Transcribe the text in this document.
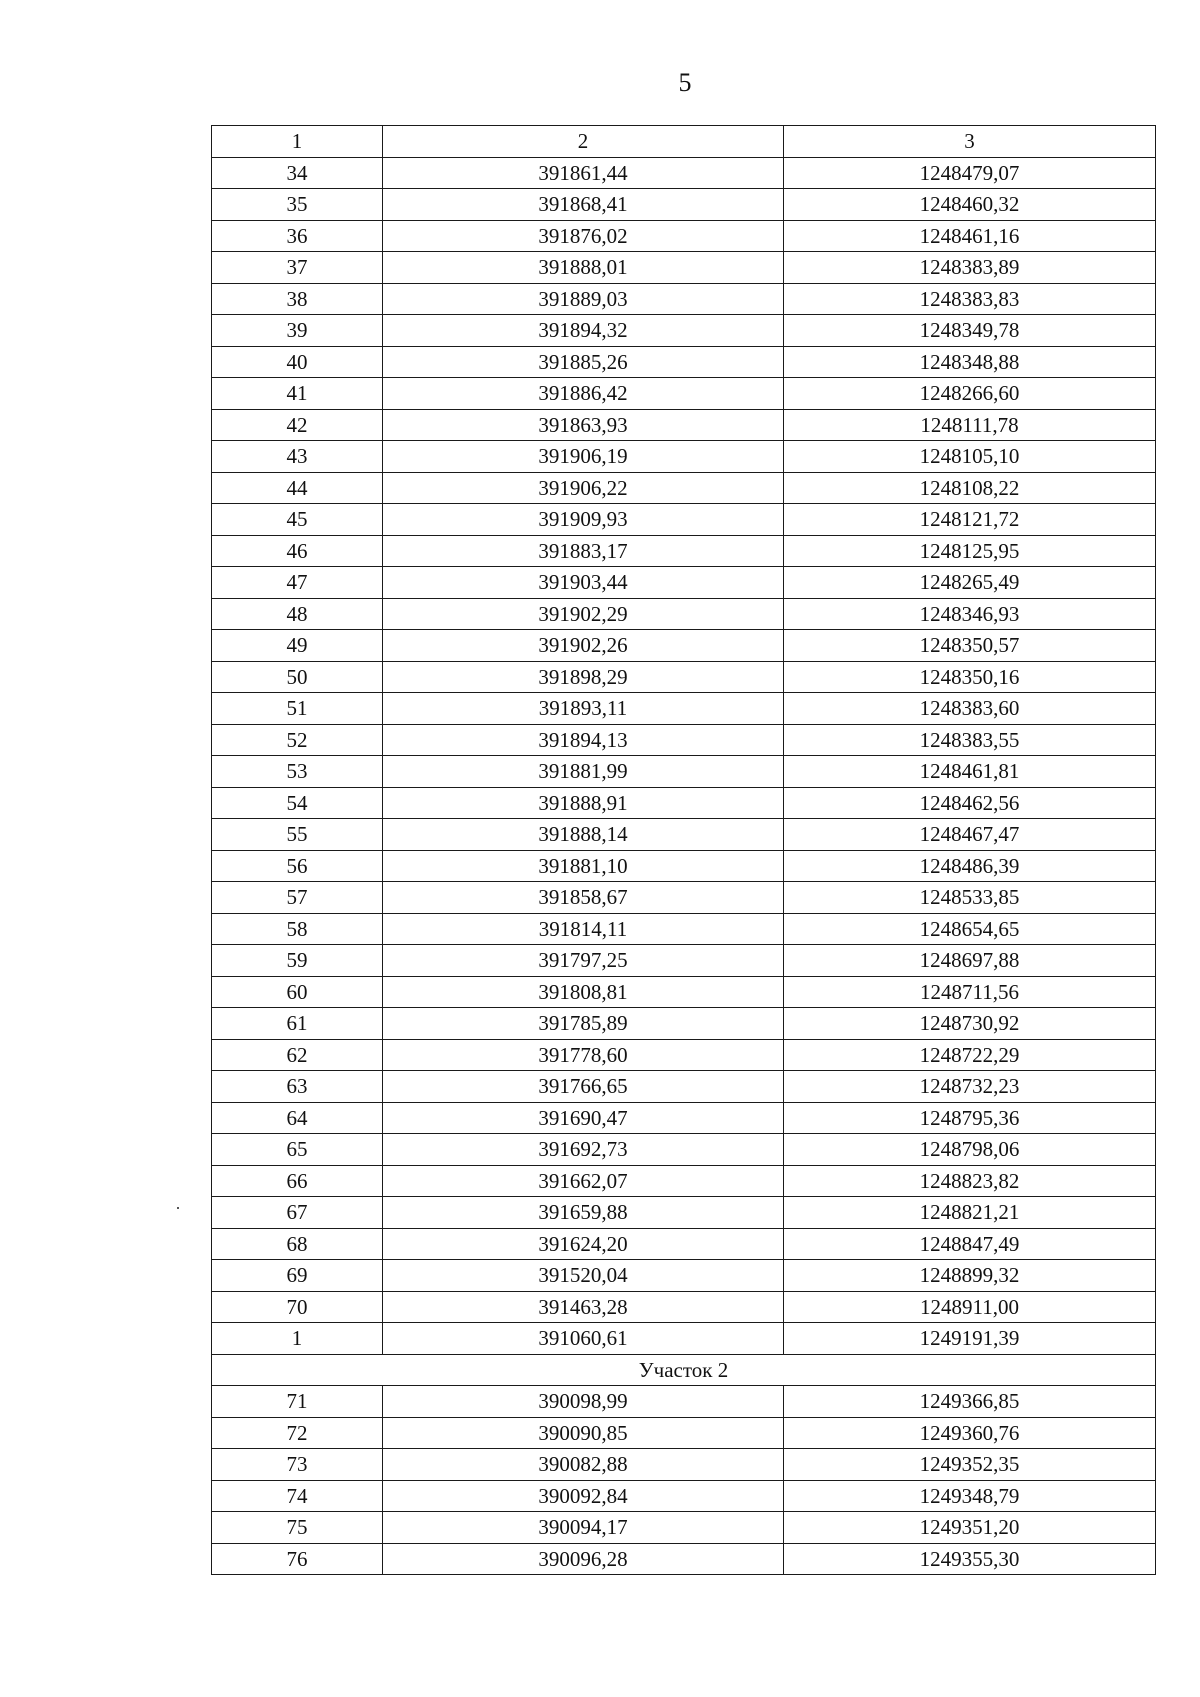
5
1	2	3
34	391861,44	1248479,07
35	391868,41	1248460,32
36	391876,02	1248461,16
37	391888,01	1248383,89
38	391889,03	1248383,83
39	391894,32	1248349,78
40	391885,26	1248348,88
41	391886,42	1248266,60
42	391863,93	1248111,78
43	391906,19	1248105,10
44	391906,22	1248108,22
45	391909,93	1248121,72
46	391883,17	1248125,95
47	391903,44	1248265,49
48	391902,29	1248346,93
49	391902,26	1248350,57
50	391898,29	1248350,16
51	391893,11	1248383,60
52	391894,13	1248383,55
53	391881,99	1248461,81
54	391888,91	1248462,56
55	391888,14	1248467,47
56	391881,10	1248486,39
57	391858,67	1248533,85
58	391814,11	1248654,65
59	391797,25	1248697,88
60	391808,81	1248711,56
61	391785,89	1248730,92
62	391778,60	1248722,29
63	391766,65	1248732,23
64	391690,47	1248795,36
65	391692,73	1248798,06
66	391662,07	1248823,82
67	391659,88	1248821,21
68	391624,20	1248847,49
69	391520,04	1248899,32
70	391463,28	1248911,00
1	391060,61	1249191,39
Участок 2		
71	390098,99	1249366,85
72	390090,85	1249360,76
73	390082,88	1249352,35
74	390092,84	1249348,79
75	390094,17	1249351,20
76	390096,28	1249355,30
